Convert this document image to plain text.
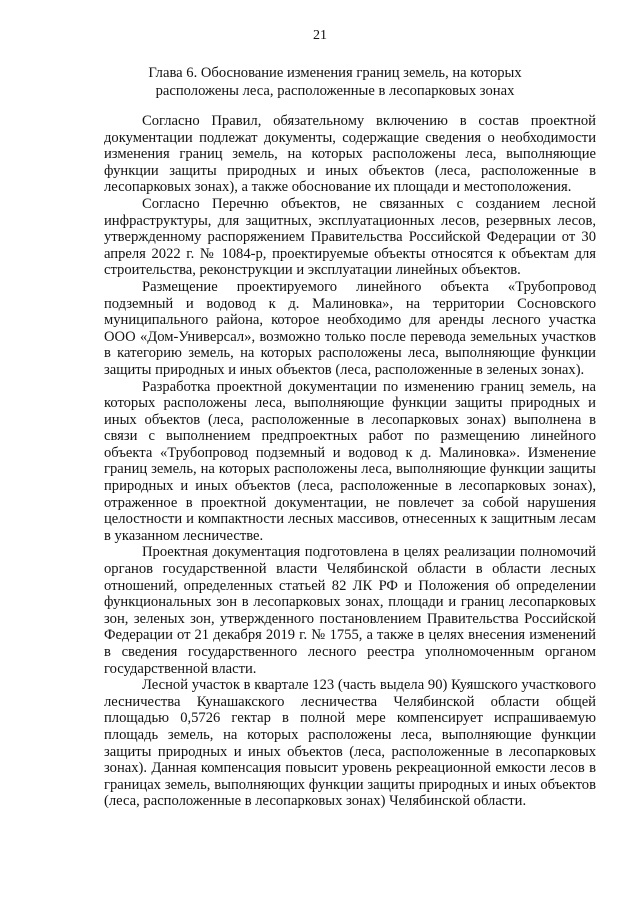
21
Глава 6. Обоснование изменения границ земель, на которых
расположены леса, расположенные в лесопарковых зонах

Согласно Правил, обязательному включению в состав проектной документации подлежат документы, содержащие сведения о необходимости изменения границ земель, на которых расположены леса, выполняющие функции защиты природных и иных объектов (леса, расположенные в лесопарковых зонах), а также обоснование их площади и местоположения.

Согласно Перечню объектов, не связанных с созданием лесной инфраструктуры, для защитных, эксплуатационных лесов, резервных лесов, утвержденному распоряжением Правительства Российской Федерации от 30 апреля 2022 г. № 1084-р, проектируемые объекты относятся к объектам для строительства, реконструкции и эксплуатации линейных объектов.

Размещение проектируемого линейного объекта «Трубопровод подземный и водовод к д. Малиновка», на территории Сосновского муниципального района, которое необходимо для аренды лесного участка ООО «Дом-Универсал», возможно только после перевода земельных участков в категорию земель, на которых расположены леса, выполняющие функции защиты природных и иных объектов (леса, расположенные в зеленых зонах).

Разработка проектной документации по изменению границ земель, на которых расположены леса, выполняющие функции защиты природных и иных объектов (леса, расположенные в лесопарковых зонах) выполнена в связи с выполнением предпроектных работ по размещению линейного объекта «Трубопровод подземный и водовод к д. Малиновка». Изменение границ земель, на которых расположены леса, выполняющие функции защиты природных и иных объектов (леса, расположенные в лесопарковых зонах), отраженное в проектной документации, не повлечет за собой нарушения целостности и компактности лесных массивов, отнесенных к защитным лесам в указанном лесничестве.

Проектная документация подготовлена в целях реализации полномочий органов государственной власти Челябинской области в области лесных отношений, определенных статьей 82 ЛК РФ и Положения об определении функциональных зон в лесопарковых зонах, площади и границ лесопарковых зон, зеленых зон, утвержденного постановлением Правительства Российской Федерации от 21 декабря 2019 г. № 1755, а также в целях внесения изменений в сведения государственного лесного реестра уполномоченным органом государственной власти.

Лесной участок в квартале 123 (часть выдела 90) Куяшского участкового лесничества Кунашакского лесничества Челябинской области общей площадью 0,5726 гектар в полной мере компенсирует испрашиваемую площадь земель, на которых расположены леса, выполняющие функции защиты природных и иных объектов (леса, расположенные в лесопарковых зонах). Данная компенсация повысит уровень рекреационной емкости лесов в границах земель, выполняющих функции защиты природных и иных объектов (леса, расположенные в лесопарковых зонах) Челябинской области.
